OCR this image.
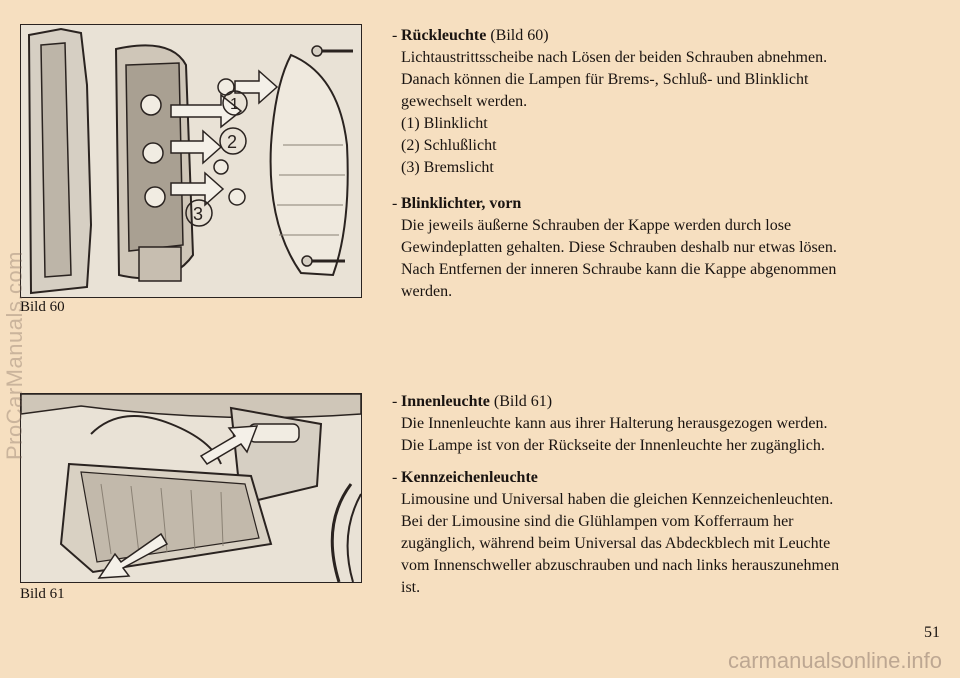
1
2
3
Bild 60
Bild 61
- Rückleuchte
(Bild 60)
Lichtaustrittsscheibe nach Lösen der beiden Schrauben abnehmen.
Danach können die Lampen für Brems-, Schluß- und Blinklicht
gewechselt werden.
(1) Blinklicht
(2) Schlußlicht
(3) Bremslicht
- Blinklichter, vorn
Die jeweils äußerne Schrauben der Kappe werden durch lose
Gewindeplatten gehalten. Diese Schrauben deshalb nur etwas lösen.
Nach Entfernen der inneren Schraube kann die Kappe abgenommen
werden.
- Innenleuchte
(Bild 61)
Die Innenleuchte kann aus ihrer Halterung herausgezogen werden.
Die Lampe ist von der Rückseite der Innenleuchte her zugänglich.
- Kennzeichenleuchte
Limousine und Universal haben die gleichen Kennzeichenleuchten.
Bei der Limousine sind die Glühlampen vom Kofferraum her
zugänglich, während beim Universal das Abdeckblech mit Leuchte
vom Innenschweller abzuschrauben und nach links herauszunehmen
ist.
51
ProCarManuals.com
carmanualsonline.info
